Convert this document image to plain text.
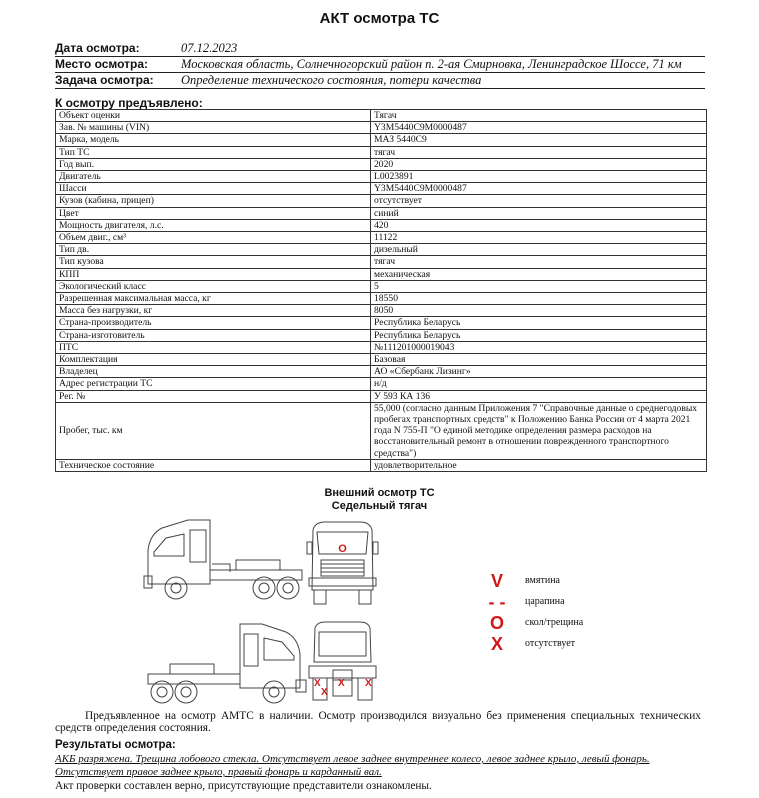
АКТ осмотра ТС
Дата осмотра:	07.12.2023
Место осмотра:	Московская область, Солнечногорский район п. 2-ая Смирновка, Ленинградское Шоссе, 71 км
Задача осмотра:	Определение технического состояния, потери качества
К осмотру предъявлено:
Объект оценки	Тягач
Зав. № машины (VIN)	Y3M5440C9M0000487
Марка, модель	МАЗ 5440С9
Тип ТС	тягач
Год вып.	2020
Двигатель	L0023891
Шасси	Y3M5440C9M0000487
Кузов (кабина, прицеп)	отсутствует
Цвет	синий
Мощность двигателя, л.с.	420
Объем двиг., см³	11122
Тип дв.	дизельный
Тип кузова	тягач
КПП	механическая
Экологический класс	5
Разрешенная максимальная масса, кг	18550
Масса без нагрузки, кг	8050
Страна-производитель	Республика Беларусь
Страна-изготовитель	Республика Беларусь
ПТС	№111201000019043
Комплектация	Базовая
Владелец	АО «Сбербанк Лизинг»
Адрес регистрации ТС	н/д
Рег. №	У 593 КА 136
Пробег, тыс. км	55,000 (согласно данным Приложения 7 "Справочные данные о среднегодовых пробегах транспортных средств" к Положению Банка России от 4 марта 2021 года N 755-П "О единой методике определения размера расходов на восстановительный ремонт в отношении поврежденного транспортного средства")
Техническое состояние	удовлетворительное
Внешний осмотр ТС
Седельный тягач
O
X
X
X X
V	вмятина
- - царапина
O	скол/трещина
X	отсутствует
Предъявленное на осмотр АМТС в наличии. Осмотр производился визуально без применения специальных технических средств определения состояния.
Результаты осмотра:
АКБ разряжена. Трещина лобового стекла. Отсутствует левое заднее внутреннее колесо, левое заднее крыло, левый фонарь. Отсутствует правое заднее крыло, правый фонарь и карданный вал.
Акт проверки составлен верно, присутствующие представители ознакомлены.
